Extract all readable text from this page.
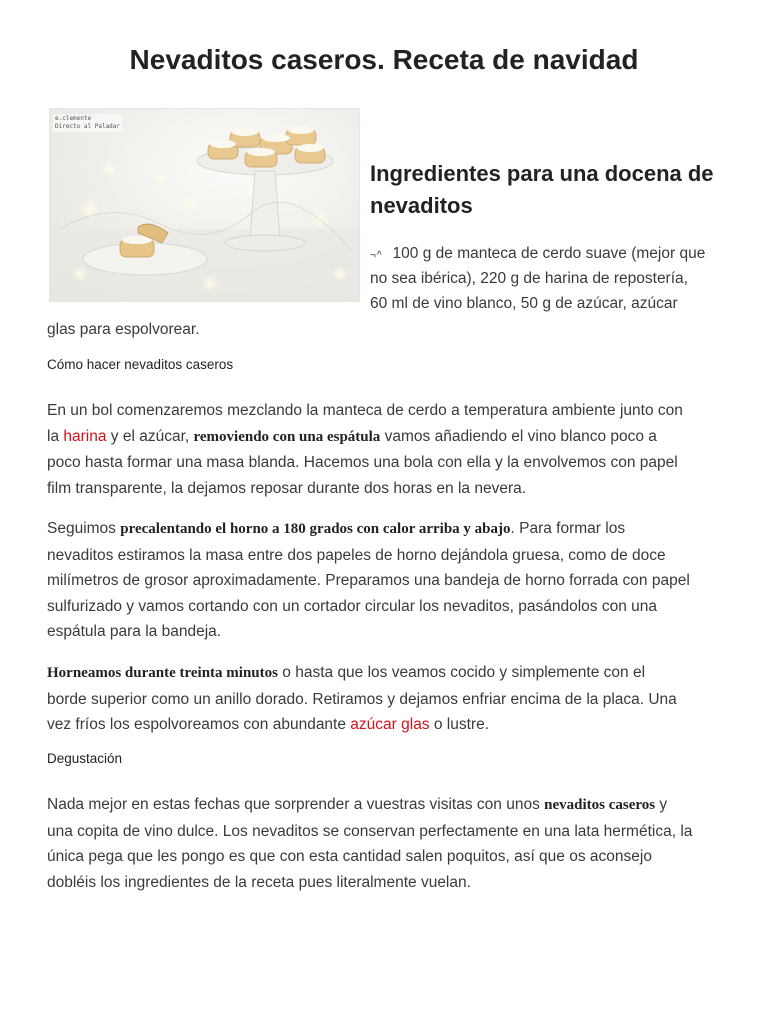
Nevaditos caseros. Receta de navidad
e.clemente
Directo al Paladar
Ingredientes para una docena de nevaditos
¬^ 100 g de manteca de cerdo suave (mejor que
no sea ibérica), 220 g de harina de repostería,
60 ml de vino blanco, 50 g de azúcar, azúcar
glas para espolvorear.
Cómo hacer nevaditos caseros
En un bol comenzaremos mezclando la manteca de cerdo a temperatura ambiente junto con
la harina y el azúcar, removiendo con una espátula vamos añadiendo el vino blanco poco a
poco hasta formar una masa blanda. Hacemos una bola con ella y la envolvemos con papel
film transparente, la dejamos reposar durante dos horas en la nevera.
Seguimos precalentando el horno a 180 grados con calor arriba y abajo. Para formar los
nevaditos estiramos la masa entre dos papeles de horno dejándola gruesa, como de doce
milímetros de grosor aproximadamente. Preparamos una bandeja de horno forrada con papel
sulfurizado y vamos cortando con un cortador circular los nevaditos, pasándolos con una
espátula para la bandeja.
Horneamos durante treinta minutos o hasta que los veamos cocido y simplemente con el
borde superior como un anillo dorado. Retiramos y dejamos enfriar encima de la placa. Una
vez fríos los espolvoreamos con abundante azúcar glas o lustre.
Degustación
Nada mejor en estas fechas que sorprender a vuestras visitas con unos nevaditos caseros y
una copita de vino dulce. Los nevaditos se conservan perfectamente en una lata hermética, la
única pega que les pongo es que con esta cantidad salen poquitos, así que os aconsejo
dobléis los ingredientes de la receta pues literalmente vuelan.
